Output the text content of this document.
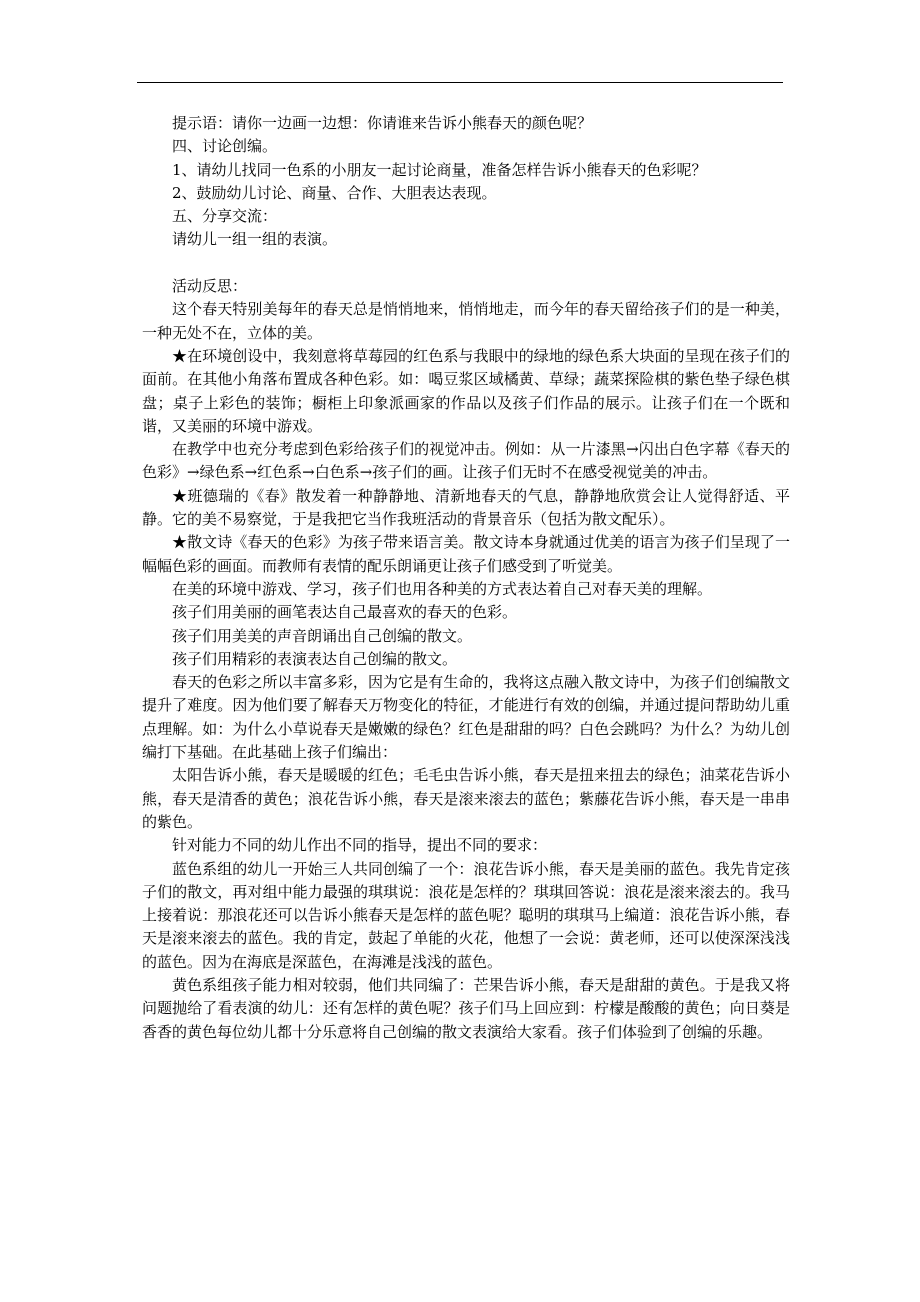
提示语：请你一边画一边想：你请谁来告诉小熊春天的颜色呢？

四、讨论创编。

1、请幼儿找同一色系的小朋友一起讨论商量，准备怎样告诉小熊春天的色彩呢？

2、鼓励幼儿讨论、商量、合作、大胆表达表现。

五、分享交流：

请幼儿一组一组的表演。

活动反思：

这个春天特别美每年的春天总是悄悄地来，悄悄地走，而今年的春天留给孩子们的是一种美，一种无处不在，立体的美。

★在环境创设中，我刻意将草莓园的红色系与我眼中的绿地的绿色系大块面的呈现在孩子们的面前。在其他小角落布置成各种色彩。如：喝豆浆区域橘黄、草绿；蔬菜探险棋的紫色垫子绿色棋盘；桌子上彩色的装饰；橱柜上印象派画家的作品以及孩子们作品的展示。让孩子们在一个既和谐，又美丽的环境中游戏。

在教学中也充分考虑到色彩给孩子们的视觉冲击。例如：从一片漆黑→闪出白色字幕《春天的色彩》→绿色系→红色系→白色系→孩子们的画。让孩子们无时不在感受视觉美的冲击。

★班德瑞的《春》散发着一种静静地、清新地春天的气息，静静地欣赏会让人觉得舒适、平静。它的美不易察觉，于是我把它当作我班活动的背景音乐（包括为散文配乐）。

★散文诗《春天的色彩》为孩子带来语言美。散文诗本身就通过优美的语言为孩子们呈现了一幅幅色彩的画面。而教师有表情的配乐朗诵更让孩子们感受到了听觉美。

在美的环境中游戏、学习，孩子们也用各种美的方式表达着自己对春天美的理解。

孩子们用美丽的画笔表达自己最喜欢的春天的色彩。

孩子们用美美的声音朗诵出自己创编的散文。

孩子们用精彩的表演表达自己创编的散文。

春天的色彩之所以丰富多彩，因为它是有生命的，我将这点融入散文诗中，为孩子们创编散文提升了难度。因为他们要了解春天万物变化的特征，才能进行有效的创编，并通过提问帮助幼儿重点理解。如：为什么小草说春天是嫩嫩的绿色？红色是甜甜的吗？白色会跳吗？为什么？为幼儿创编打下基础。在此基础上孩子们编出：

太阳告诉小熊，春天是暖暖的红色；毛毛虫告诉小熊，春天是扭来扭去的绿色；油菜花告诉小熊，春天是清香的黄色；浪花告诉小熊，春天是滚来滚去的蓝色；紫藤花告诉小熊，春天是一串串的紫色。

针对能力不同的幼儿作出不同的指导，提出不同的要求：

蓝色系组的幼儿一开始三人共同创编了一个：浪花告诉小熊，春天是美丽的蓝色。我先肯定孩子们的散文，再对组中能力最强的琪琪说：浪花是怎样的？琪琪回答说：浪花是滚来滚去的。我马上接着说：那浪花还可以告诉小熊春天是怎样的蓝色呢？聪明的琪琪马上编道：浪花告诉小熊，春天是滚来滚去的蓝色。我的肯定，鼓起了单能的火花，他想了一会说：黄老师，还可以使深深浅浅的蓝色。因为在海底是深蓝色，在海滩是浅浅的蓝色。

黄色系组孩子能力相对较弱，他们共同编了：芒果告诉小熊，春天是甜甜的黄色。于是我又将问题抛给了看表演的幼儿：还有怎样的黄色呢？孩子们马上回应到：柠檬是酸酸的黄色；向日葵是香香的黄色每位幼儿都十分乐意将自己创编的散文表演给大家看。孩子们体验到了创编的乐趣。
